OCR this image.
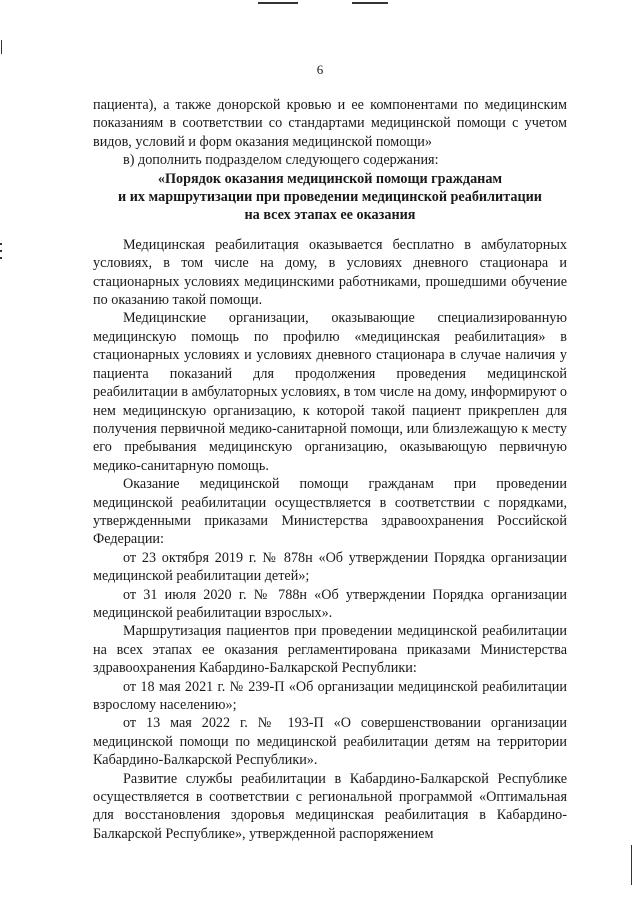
6

пациента), а также донорской кровью и ее компонентами по медицинским показаниям в соответствии со стандартами медицинской помощи с учетом видов, условий и форм оказания медицинской помощи»

в) дополнить подразделом следующего содержания:

«Порядок оказания медицинской помощи гражданам
и их маршрутизации при проведении медицинской реабилитации
на всех этапах ее оказания

Медицинская реабилитация оказывается бесплатно в амбулаторных условиях, в том числе на дому, в условиях дневного стационара и стационарных условиях медицинскими работниками, прошедшими обучение по оказанию такой помощи.

Медицинские организации, оказывающие специализированную медицинскую помощь по профилю «медицинская реабилитация» в стационарных условиях и условиях дневного стационара в случае наличия у пациента показаний для продолжения проведения медицинской реабилитации в амбулаторных условиях, в том числе на дому, информируют о нем медицинскую организацию, к которой такой пациент прикреплен для получения первичной медико-санитарной помощи, или близлежащую к месту его пребывания медицинскую организацию, оказывающую первичную медико-санитарную помощь.

Оказание медицинской помощи гражданам при проведении медицинской реабилитации осуществляется в соответствии с порядками, утвержденными приказами Министерства здравоохранения Российской Федерации:

от 23 октября 2019 г. № 878н «Об утверждении Порядка организации медицинской реабилитации детей»;

от 31 июля 2020 г. № 788н «Об утверждении Порядка организации медицинской реабилитации взрослых».

Маршрутизация пациентов при проведении медицинской реабилитации на всех этапах ее оказания регламентирована приказами Министерства здравоохранения Кабардино-Балкарской Республики:

от 18 мая 2021 г. № 239-П «Об организации медицинской реабилитации взрослому населению»;

от 13 мая 2022 г. № 193-П «О совершенствовании организации медицинской помощи по медицинской реабилитации детям на территории Кабардино-Балкарской Республики».

Развитие службы реабилитации в Кабардино-Балкарской Республике осуществляется в соответствии с региональной программой «Оптимальная для восстановления здоровья медицинская реабилитация в Кабардино-Балкарской Республике», утвержденной распоряжением
